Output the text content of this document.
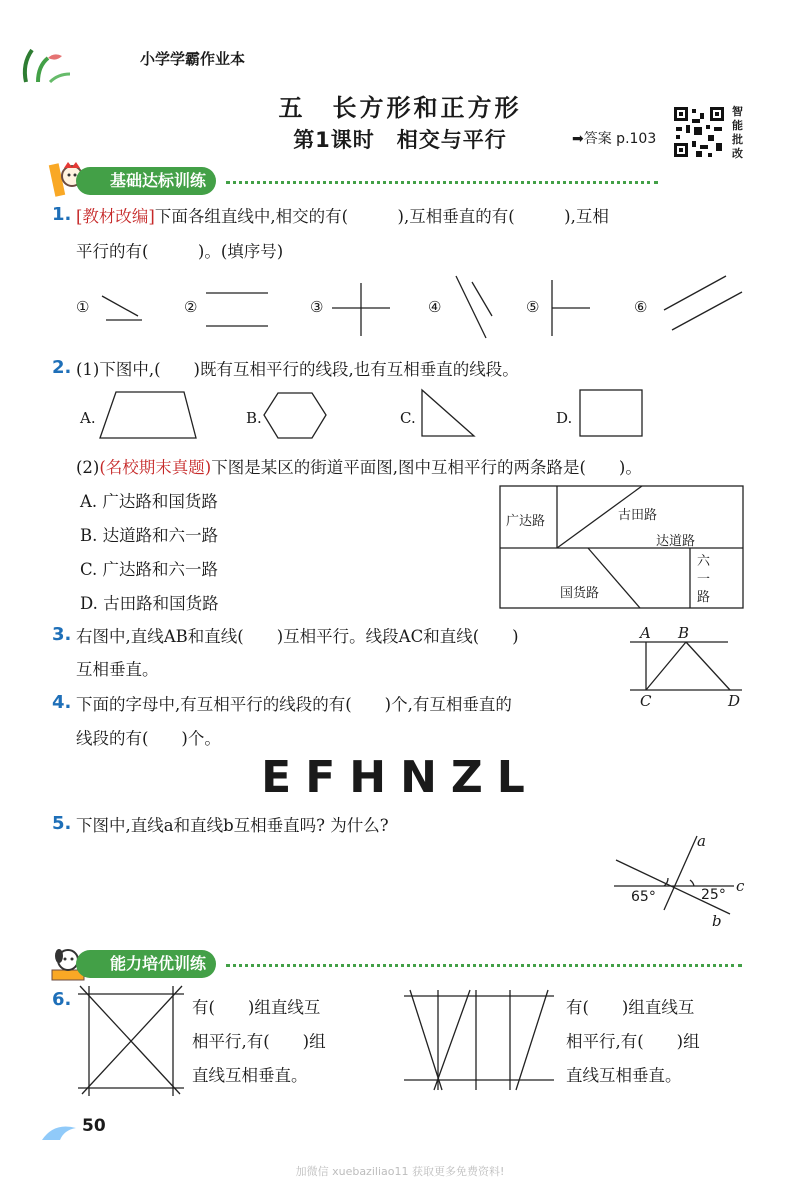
小学学霸作业本
五　长方形和正方形
第1课时　相交与平行	➡答案 p.103
智
能
批
改
基础达标训练
1. [教材改编]下面各组直线中,相交的有(　　　),互相垂直的有(　　　),互相
平行的有(　　　)。(填序号)
①	②	③	④	⑤	⑥
2. (1)下图中,(　　)既有互相平行的线段,也有互相垂直的线段。
A.	B.	C.	D.
(2)(名校期末真题)下图是某区的街道平面图,图中互相平行的两条路是(　　)。
A. 广达路和国货路
B. 达道路和六一路
C. 广达路和六一路
D. 古田路和国货路
广达路	古田路
达道路
国货路
六
一
路
3. 右图中,直线AB和直线(　　)互相平行。线段AC和直线(　　)
互相垂直。
A B
C	D
4. 下面的字母中,有互相平行的线段的有(　　)个,有互相垂直的
线段的有(　　)个。
EFHNZL
5. 下图中,直线a和直线b互相垂直吗? 为什么?
a
b
c
65°	25°
能力培优训练
6.	有(　　)组直线互
相平行,有(　　)组
直线互相垂直。
有(　　)组直线互
相平行,有(　　)组
直线互相垂直。
50
加微信 xuebaziliao11 获取更多免费资料!
